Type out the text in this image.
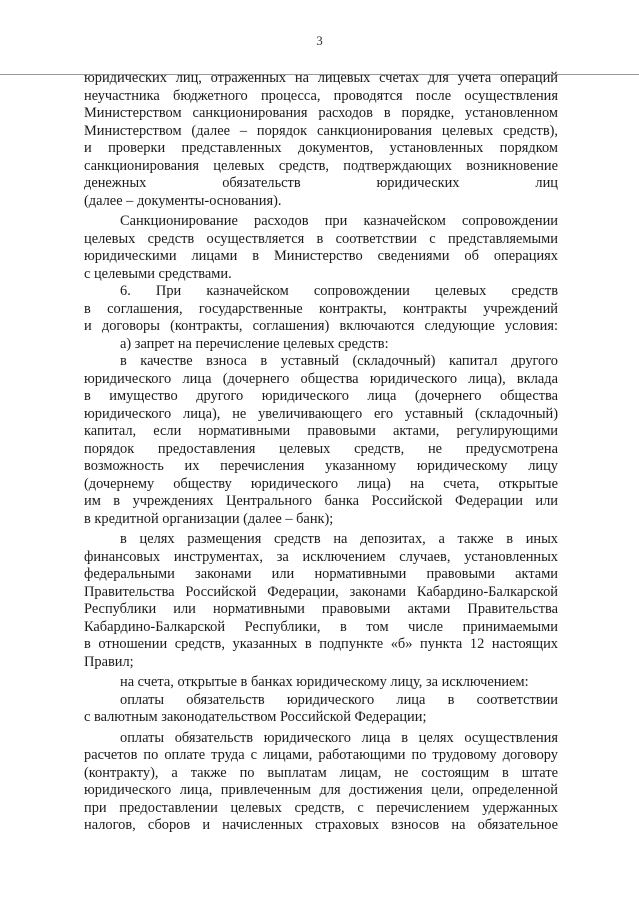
3
юридических лиц, отраженных на лицевых счетах для учета операций
неучастника бюджетного процесса, проводятся после осуществления
Министерством санкционирования расходов в порядке, установленном
Министерством (далее – порядок санкционирования целевых средств),
и проверки представленных документов, установленных порядком
санкционирования целевых средств, подтверждающих возникновение
денежных обязательств юридических лиц
(далее – документы-основания).
Санкционирование расходов при казначейском сопровождении
целевых средств осуществляется в соответствии с представляемыми
юридическими лицами в Министерство сведениями об операциях
с целевыми средствами.
6. При казначейском сопровождении целевых средств
в соглашения, государственные контракты, контракты учреждений
и договоры (контракты, соглашения) включаются следующие условия:
а) запрет на перечисление целевых средств:
в качестве взноса в уставный (складочный) капитал другого
юридического лица (дочернего общества юридического лица), вклада
в имущество другого юридического лица (дочернего общества
юридического лица), не увеличивающего его уставный (складочный)
капитал, если нормативными правовыми актами, регулирующими
порядок предоставления целевых средств, не предусмотрена
возможность их перечисления указанному юридическому лицу
(дочернему обществу юридического лица) на счета, открытые
им в учреждениях Центрального банка Российской Федерации или
в кредитной организации (далее – банк);
в целях размещения средств на депозитах, а также в иных
финансовых инструментах, за исключением случаев, установленных
федеральными законами или нормативными правовыми актами
Правительства Российской Федерации, законами Кабардино-Балкарской
Республики или нормативными правовыми актами Правительства
Кабардино-Балкарской Республики, в том числе принимаемыми
в отношении средств, указанных в подпункте «б» пункта 12 настоящих
Правил;
на счета, открытые в банках юридическому лицу, за исключением:
оплаты обязательств юридического лица в соответствии
с валютным законодательством Российской Федерации;
оплаты обязательств юридического лица в целях осуществления
расчетов по оплате труда с лицами, работающими по трудовому договору
(контракту), а также по выплатам лицам, не состоящим в штате
юридического лица, привлеченным для достижения цели, определенной
при предоставлении целевых средств, с перечислением удержанных
налогов, сборов и начисленных страховых взносов на обязательное
